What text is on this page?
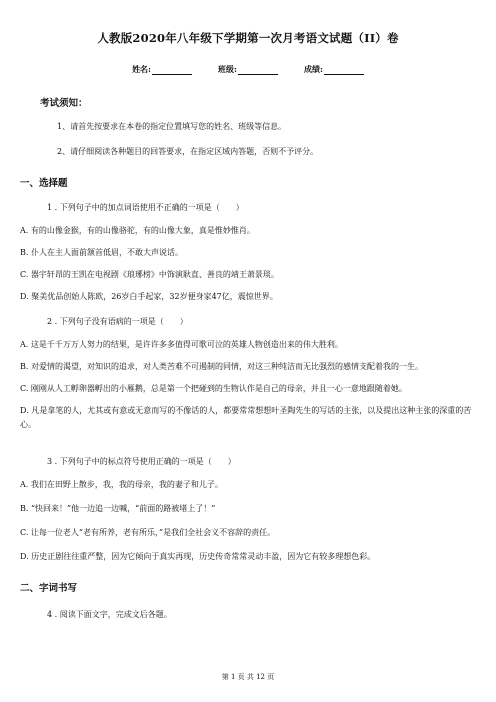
人教版2020年八年级下学期第一次月考语文试题（II）卷
姓名:	班级:	成绩:
考试须知：
1、请首先按要求在本卷的指定位置填写您的姓名、班级等信息。
2、请仔细阅读各种题目的回答要求，在指定区域内答题，否则不予评分。
一、选择题
1 . 下列句子中的加点词语使用不正确的一项是（　　）
A. 有的山像金猴，有的山像骆驼，有的山像大象，真是惟妙惟肖。
B. 仆人在主人面前颔首低眉，不敢大声说话。
C. 器宇轩昂的王凯在电视剧《琅琊榜》中饰演耿直、善良的靖王萧景琰。
D. 聚美优品创始人陈欧，26岁白手起家，32岁便身家47亿，震惊世界。
2 . 下列句子没有语病的一项是（　　）
A. 这是千千万万人努力的结果，是许许多多值得可歌可泣的英雄人物创造出来的伟大胜利。
B. 对爱情的渴望，对知识的追求，对人类苦难不可遏制的同情，对这三种纯洁而无比强烈的感情支配着我的一生。
C. 刚刚从人工孵卵器孵出的小雁鹅，总是第一个把碰到的生物认作是自己的母亲，并且一心一意地跟随着她。
D. 凡是拿笔的人，尤其或有意或无意而写的不像话的人，都要常常想想叶圣陶先生的写话的主张，以及提出这种主张的深重的苦心。
3 . 下列句子中的标点符号使用正确的一项是（　　）
A. 我们在田野上散步，我，我的母亲，我的妻子和儿子。
B. “快回来！”他一边追一边喊，“前面的路被堵上了！”
C. 让每一位老人“老有所养，老有所乐，”是我们全社会义不容辞的责任。
D. 历史正剧往往重严整，因为它倾向于真实再现，历史传奇常常灵动丰盈，因为它有较多理想色彩。
二、字词书写
4 . 阅读下面文字，完成文后各题。
第 1 页 共 12 页
